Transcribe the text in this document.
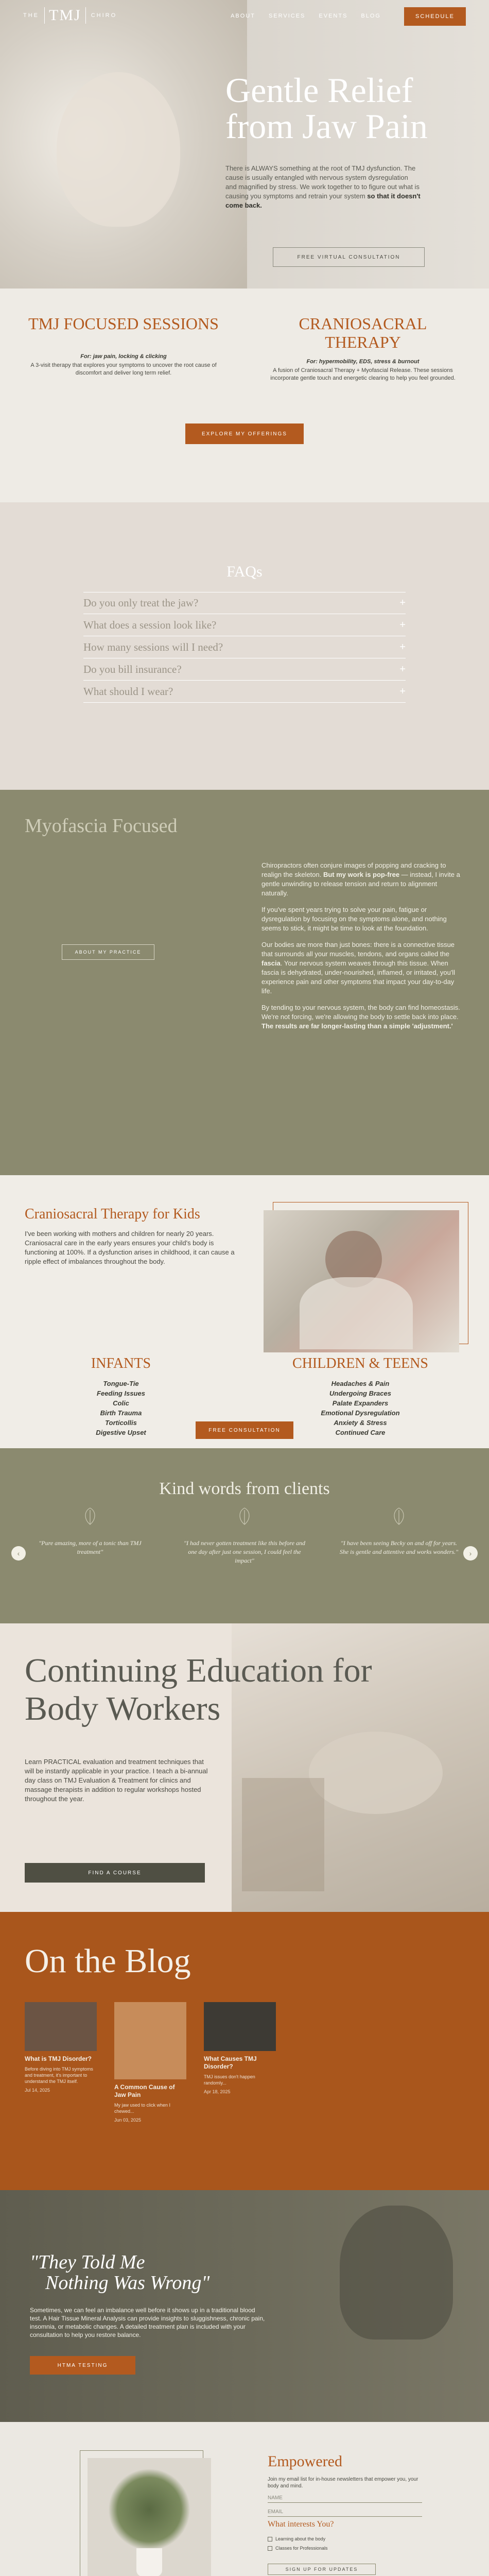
THE TMJ	CHIRO	ABOUT SERVICES EVENTS BLOG	SCHEDULE
Gentle Relief from Jaw Pain

There is ALWAYS something at the root of TMJ dysfunction. The cause is usually entangled with nervous system dysregulation and magnified by stress. We work together to to figure out what is causing you symptoms and retrain your system so that it doesn't come back.

FREE VIRTUAL CONSULTATION
TMJ FOCUSED SESSIONS
For: jaw pain, locking & clicking
A 3-visit therapy that explores your symptoms to uncover the root cause of discomfort and deliver long term relief.
CRANIOSACRAL THERAPY
For: hypermobility, EDS, stress & burnout
A fusion of Craniosacral Therapy + Myofascial Release. These sessions incorporate gentle touch and energetic clearing to help you feel grounded.
EXPLORE MY OFFERINGS
FAQs
Do you only treat the jaw?	+
What does a session look like?	+
How many sessions will I need?	+
Do you bill insurance?	+
What should I wear?	+
Myofascia Focused
ABOUT MY PRACTICE

Chiropractors often conjure images of popping and cracking to realign the skeleton. But my work is pop-free — instead, I invite a gentle unwinding to release tension and return to alignment naturally.

If you've spent years trying to solve your pain, fatigue or dysregulation by focusing on the symptoms alone, and nothing seems to stick, it might be time to look at the foundation.

Our bodies are more than just bones: there is a connective tissue that surrounds all your muscles, tendons, and organs called the fascia. Your nervous system weaves through this tissue. When fascia is dehydrated, under-nourished, inflamed, or irritated, you'll experience pain and other symptoms that impact your day-to-day life.

By tending to your nervous system, the body can find homeostasis. We're not forcing, we're allowing the body to settle back into place. The results are far longer-lasting than a simple 'adjustment.'

Craniosacral Therapy for Kids

I've been working with mothers and children for nearly 20 years. Craniosacral care in the early years ensures your child's body is functioning at 100%. If a dysfunction arises in childhood, it can cause a ripple effect of imbalances throughout the body.

INFANTS
Tongue-Tie
Feeding Issues
Colic
Birth Trauma
Torticollis
Digestive Upset
CHILDREN & TEENS
Headaches & Pain
Undergoing Braces
Palate Expanders
Emotional Dysregulation
Anxiety & Stress
Continued Care
FREE CONSULTATION
Kind words from clients
‹
"Pure amazing, more of a tonic than TMJ treatment"
"I had never gotten treatment like this before and one day after just one session, I could feel the impact"
"I have been seeing Becky on and off for years. She is gentle and attentive and works wonders."	›
Continuing Education for Body Workers

Learn PRACTICAL evaluation and treatment techniques that will be instantly applicable in your practice. I teach a bi-annual day class on TMJ Evaluation & Treatment for clinics and massage therapists in addition to regular workshops hosted throughout the year.

FIND A COURSE
On the Blog
What is TMJ Disorder?
Before diving into TMJ symptoms and treatment, it's important to understand the TMJ itself.
Jul 14, 2025	A Common Cause of Jaw Pain
My jaw used to click when I chewed...
Jun 03, 2025
What Causes TMJ Disorder?
TMJ issues don't happen randomly...
Apr 18, 2025
"They Told Me
Nothing Was Wrong"

Sometimes, we can feel an imbalance well before it shows up in a traditional blood test. A Hair Tissue Mineral Analysis can provide insights to sluggishness, chronic pain, insomnia, or metabolic changes. A detailed treatment plan is included with your consultation to help you restore balance.

HTMA TESTING
Empowered
Join my email list for in-house newsletters that empower you, your body and mind.
NAME
EMAIL
What interests You?
Learning about the body
Classes for Professionals
SIGN UP FOR UPDATES
